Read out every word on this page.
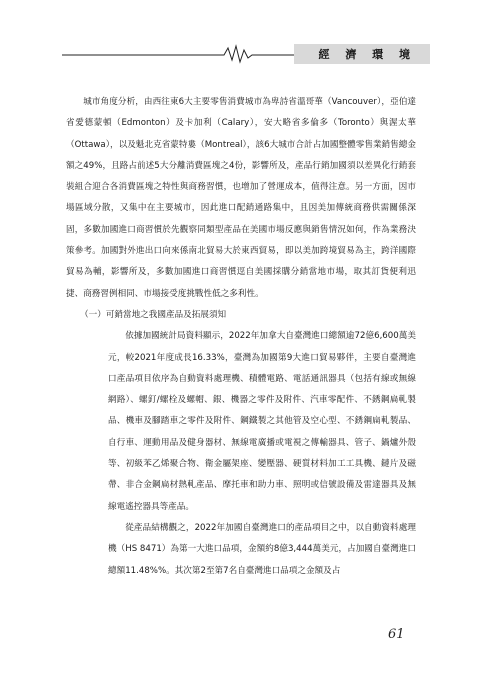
經 濟 環 境

城市角度分析，由西往東6大主要零售消費城市為卑詩省溫哥華（Vancouver），亞伯達省愛德蒙頓（Edmonton）及卡加利（Calary），安大略省多倫多（Toronto）與渥太華（Ottawa），以及魁北克省蒙特婁（Montreal），該6大城市合計占加國整體零售業銷售總金額之49%，且路占前述5大分離消費區塊之4份，影響所及，產品行銷加國須以差異化行銷套裝組合迎合各消費區塊之特性與商務習慣，也增加了營運成本，值得注意。另一方面，因市場區域分散，又集中在主要城市，因此進口配銷通路集中，且因美加傳統商務供需關係深固，多數加國進口商習慣於先觀察同類型產品在美國市場反應與銷售情況如何，作為業務決策參考。加國對外進出口向來係南北貿易大於東西貿易，即以美加跨境貿易為主，跨洋國際貿易為輔，影響所及，多數加國進口商習慣逕自美國採購分銷當地市場，取其訂貨便利迅捷、商務習例相同、市場接受度挑戰性低之多利性。

（一）可銷當地之我國產品及拓展須知

依據加國統計局資料顯示，2022年加拿大自臺灣進口總額逾72億6,600萬美元，較2021年度成長16.33%，臺灣為加國第9大進口貿易夥伴，主要自臺灣進口產品項目依序為自動資料處理機、積體電路、電話通訊器具（包括有線或無線網路）、螺釘/螺栓及螺帽、銀、機器之零件及附件、汽車零配件、不銹鋼扁軋製品、機車及腳踏車之零件及附件、鋼鐵製之其他管及空心型、不銹鋼扁軋製品、自行車、運動用品及健身器材、無線電廣播或電視之傳輸器具、管子、鍋爐外殼等、初級苯乙烯聚合物、衛金屬架座、變壓器、硬質材料加工工具機、鏈片及磁帶、非合金鋼扁材熱軋產品、摩托車和助力車、照明或信號設備及雷達器具及無線電遙控器具等產品。

從產品結構觀之，2022年加國自臺灣進口的產品項目之中，以自動資料處理機（HS 8471）為第一大進口品項，金額約8億3,444萬美元，占加國自臺灣進口總額11.48%%。其次第2至第7名自臺灣進口品項之金額及占

61
